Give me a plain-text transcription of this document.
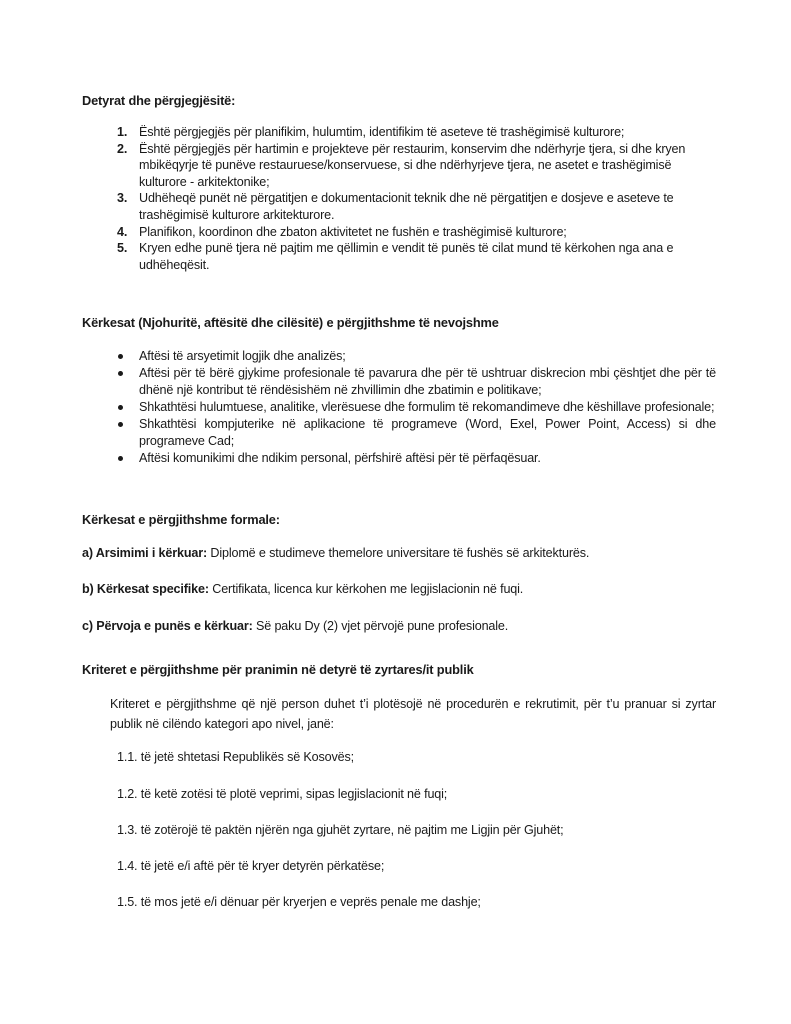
Detyrat dhe përgjegjësitë:
1. Është përgjegjës për planifikim, hulumtim, identifikim të aseteve të trashëgimisë kulturore;
2. Është përgjegjës për hartimin e projekteve për restaurim, konservim dhe ndërhyrje tjera, si dhe kryen mbikëqyrje të punëve restauruese/konservuese, si dhe ndërhyrjeve tjera, ne asetet e trashëgimisë kulturore - arkitektonike;
3. Udhëheqë punët në përgatitjen e dokumentacionit teknik dhe në përgatitjen e dosjeve e aseteve te trashëgimisë kulturore arkitekturore.
4. Planifikon, koordinon dhe zbaton aktivitetet ne fushën e trashëgimisë kulturore;
5. Kryen edhe punë tjera në pajtim me qëllimin e vendit të punës të cilat mund të kërkohen nga ana e udhëheqësit.
Kërkesat (Njohuritë, aftësitë dhe cilësitë) e përgjithshme të nevojshme
Aftësi të arsyetimit logjik dhe analizës;
Aftësi për të bërë gjykime profesionale të pavarura dhe për të ushtruar diskrecion mbi çështjet dhe për të dhënë një kontribut të rëndësishëm në zhvillimin dhe zbatimin e politikave;
Shkathtësi hulumtuese, analitike, vlerësuese dhe formulim të rekomandimeve dhe këshillave profesionale;
Shkathtësi kompjuterike në aplikacione të programeve (Word, Exel, Power Point, Access) si dhe programeve Cad;
Aftësi komunikimi dhe ndikim personal, përfshirë aftësi për të përfaqësuar.
Kërkesat e përgjithshme formale:
a) Arsimimi i kërkuar: Diplomë e studimeve themelore universitare të fushës së arkitekturës.
b) Kërkesat specifike: Certifikata, licenca kur kërkohen me legjislacionin në fuqi.
c) Përvoja e punës e kërkuar: Së paku Dy (2) vjet përvojë pune profesionale.
Kriteret e përgjithshme për pranimin në detyrë të zyrtares/it publik
Kriteret e përgjithshme që një person duhet t’i plotësojë në procedurën e rekrutimit, për t’u pranuar si zyrtar publik në cilëndo kategori apo nivel, janë:
1.1. të jetë shtetasi Republikës së Kosovës;
1.2. të ketë zotësi të plotë veprimi, sipas legjislacionit në fuqi;
1.3. të zotërojë të paktën njërën nga gjuhët zyrtare, në pajtim me Ligjin për Gjuhët;
1.4. të jetë e/i aftë për të kryer detyrën përkatëse;
1.5. të mos jetë e/i dënuar për kryerjen e veprës penale me dashje;
